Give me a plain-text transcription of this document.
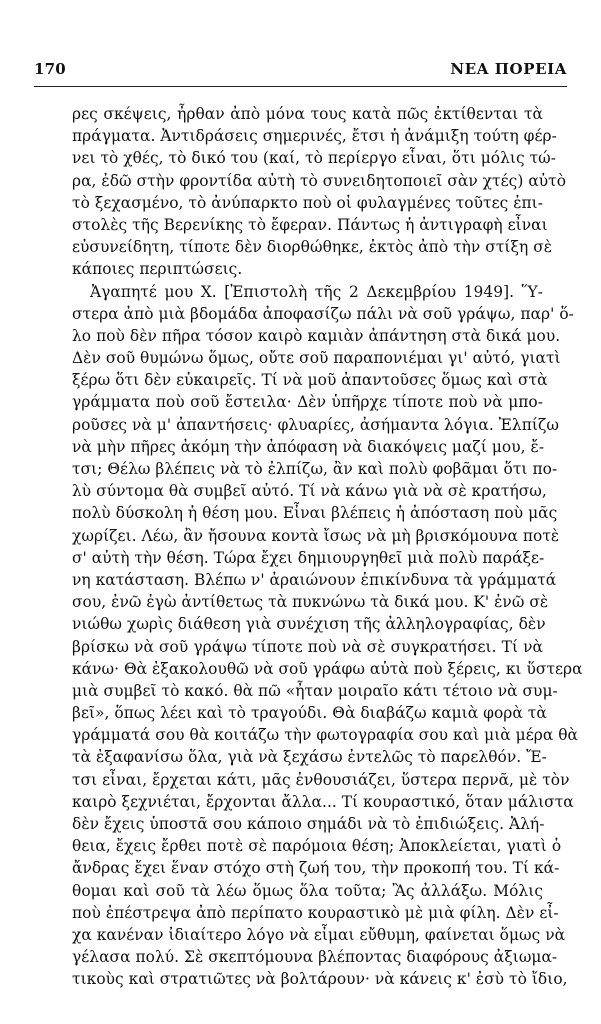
170	ΝΕΑ ΠΟΡΕΙΑ
ρες σκέψεις, ἦρθαν ἀπὸ μόνα τους κατὰ πῶς ἐκτίθενται τὰ
πράγματα. Ἀντιδράσεις σημερινές, ἔτσι ἡ ἀνάμιξη τούτη φέρ-
νει τὸ χθές, τὸ δικό του (καί, τὸ περίεργο εἶναι, ὅτι μόλις τώ-
ρα, ἐδῶ στὴν φροντίδα αὐτὴ τὸ συνειδητοποιεῖ σὰν χτές) αὐτὸ
τὸ ξεχασμένο, τὸ ἀνύπαρκτο ποὺ οἱ φυλαγμένες τοῦτες ἐπι-
στολὲς τῆς Βερενίκης τὸ ἔφεραν. Πάντως ἡ ἀντιγραφὴ εἶναι
εὐσυνείδητη, τίποτε δὲν διορθώθηκε, ἐκτὸς ἀπὸ τὴν στίξη σὲ
κάποιες περιπτώσεις.
Ἀγαπητέ μου Χ. [Ἐπιστολὴ τῆς 2 Δεκεμβρίου 1949]. Ὕ-
στερα ἀπὸ μιὰ βδομάδα ἀποφασίζω πάλι νὰ σοῦ γράψω, παρ' ὅ-
λο ποὺ δὲν πῆρα τόσον καιρὸ καμιὰν ἀπάντηση στὰ δικά μου.
Δὲν σοῦ θυμώνω ὅμως, οὔτε σοῦ παραπονιέμαι γι' αὐτό, γιατὶ
ξέρω ὅτι δὲν εὐκαιρεῖς. Τί νὰ μοῦ ἀπαντοῦσες ὅμως καὶ στὰ
γράμματα ποὺ σοῦ ἔστειλα· Δὲν ὑπῆρχε τίποτε ποὺ νὰ μπο-
ροῦσες νὰ μ' ἀπαντήσεις· φλυαρίες, ἀσήμαντα λόγια. Ἐλπίζω
νὰ μὴν πῆρες ἀκόμη τὴν ἀπόφαση νὰ διακόψεις μαζί μου, ἔ-
τσι; Θέλω βλέπεις νὰ τὸ ἐλπίζω, ἂν καὶ πολὺ φοβᾶμαι ὅτι πο-
λὺ σύντομα θὰ συμβεῖ αὐτό. Τί νὰ κάνω γιὰ νὰ σὲ κρατήσω,
πολὺ δύσκολη ἡ θέση μου. Εἶναι βλέπεις ἡ ἀπόσταση ποὺ μᾶς
χωρίζει. Λέω, ἂν ἤσουνα κοντὰ ἴσως νὰ μὴ βρισκόμουνα ποτὲ
σ' αὐτὴ τὴν θέση. Τώρα ἔχει δημιουργηθεῖ μιὰ πολὺ παράξε-
νη κατάσταση. Βλέπω ν' ἀραιώνουν ἐπικίνδυνα τὰ γράμματά
σου, ἐνῶ ἐγὼ ἀντίθετως τὰ πυκνώνω τὰ δικά μου. Κ' ἐνῶ σὲ
νιώθω χωρὶς διάθεση γιὰ συνέχιση τῆς ἀλληλογραφίας, δὲν
βρίσκω νὰ σοῦ γράψω τίποτε ποὺ νὰ σὲ συγκρατήσει. Τί νὰ
κάνω· Θὰ ἐξακολουθῶ νὰ σοῦ γράφω αὐτὰ ποὺ ξέρεις, κι ὕστερα
μιὰ συμβεῖ τὸ κακό. θὰ πῶ «ἦταν μοιραῖο κάτι τέτοιο νὰ συμ-
βεῖ», ὅπως λέει καὶ τὸ τραγούδι. Θὰ διαβάζω καμιὰ φορὰ τὰ
γράμματά σου θὰ κοιτάζω τὴν φωτογραφία σου καὶ μιὰ μέρα θὰ
τὰ ἐξαφανίσω ὅλα, γιὰ νὰ ξεχάσω ἐντελῶς τὸ παρελθόν. Ἔ-
τσι εἶναι, ἔρχεται κάτι, μᾶς ἐνθουσιάζει, ὕστερα περνᾶ, μὲ τὸν
καιρὸ ξεχνιέται, ἔρχονται ἄλλα... Τί κουραστικό, ὅταν μάλιστα
δὲν ἔχεις ὑποστᾶ σου κάποιο σημάδι νὰ τὸ ἐπιδιώξεις. Ἀλή-
θεια, ἔχεις ἔρθει ποτὲ σὲ παρόμοια θέση; Ἀποκλείεται, γιατὶ ὁ
ἄνδρας ἔχει ἕναν στόχο στὴ ζωή του, τὴν προκοπή του. Τί κά-
θομαι καὶ σοῦ τὰ λέω ὅμως ὅλα τοῦτα; Ἂς ἀλλάξω. Μόλις
ποὺ ἐπέστρεψα ἀπὸ περίπατο κουραστικὸ μὲ μιὰ φίλη. Δὲν εἶ-
χα κανέναν ἰδιαίτερο λόγο νὰ εἶμαι εὔθυμη, φαίνεται ὅμως νὰ
γέλασα πολύ. Σὲ σκεπτόμουνα βλέποντας διαφόρους ἀξιωμα-
τικοὺς καὶ στρατιῶτες νὰ βολτάρουν· νὰ κάνεις κ' ἐσὺ τὸ ἴδιο,
